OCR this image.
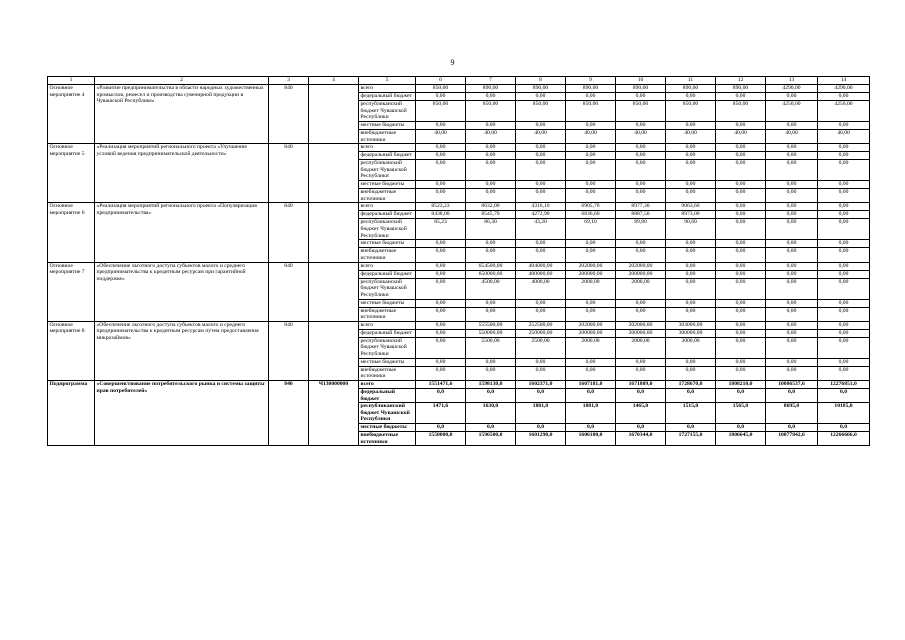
9
1	2	3	4	5	6	7	8	9	10	11	12	13	14
Основное мероприятие 4	«Развитие предпринимательства в области народных художественных промыслов, ремесел и производства сувенирной продукции в Чувашской Республике»	840		всего	850,00	890,00	890,00	890,00	890,00	890,00	890,00	4290,00	4290,00
				федеральный бюджет	0,00	0,00	0,00	0,00	0,00	0,00	0,00	0,00	0,00
				республиканский бюджет Чувашской Республики	850,00	850,00	850,00	850,00	850,00	850,00	850,00	4250,00	4250,00
				местные бюджеты	0,00	0,00	0,00	0,00	0,00	0,00	0,00	0,00	0,00
				внебюджетные источники	40,00	40,00	40,00	40,00	40,00	40,00	40,00	40,00	40,00
Основное мероприятие 5	«Реализация мероприятий регионального проекта «Улучшение условий ведения предпринимательской деятельности»	840		всего	0,00	0,00	0,00	0,00	0,00	0,00	0,00	0,00	0,00
				федеральный бюджет	0,00	0,00	0,00	0,00	0,00	0,00	0,00	0,00	0,00
				республиканский бюджет Чувашской Республики	0,00	0,00	0,00	0,00	0,00	0,00	0,00	0,00	0,00
				местные бюджеты	0,00	0,00	0,00	0,00	0,00	0,00	0,00	0,00	0,00
				внебюджетные источники	0,00	0,00	0,00	0,00	0,00	0,00	0,00	0,00	0,00
Основное мероприятие 6	«Реализация мероприятий регионального проекта «Популяризация предпринимательства»	840		всего	8523,23	8632,00	4316,10	6905,70	8977,30	9063,60	0,00	0,00	0,00
				федеральный бюджет	8438,00	8545,70	4272,90	6836,60	8887,50	8973,00	0,00	0,00	0,00
				республиканский бюджет Чувашской Республики	85,23	86,30	43,20	69,10	89,80	90,60	0,00	0,00	0,00
				местные бюджеты	0,00	0,00	0,00	0,00	0,00	0,00	0,00	0,00	0,00
				внебюджетные источники	0,00	0,00	0,00	0,00	0,00	0,00	0,00	0,00	0,00
Основное мероприятие 7	«Обеспечение льготного доступа субъектов малого и среднего предпринимательства к кредитным ресурсам при гарантийной поддержке»	840		всего	0,00	654500,00	404000,00	202000,00	202000,00	0,00	0,00	0,00	0,00
				федеральный бюджет	0,00	650000,00	400000,00	200000,00	200000,00	0,00	0,00	0,00	0,00
				республиканский бюджет Чувашской Республики	0,00	4500,00	4000,00	2000,00	2000,00	0,00	0,00	0,00	0,00
				местные бюджеты	0,00	0,00	0,00	0,00	0,00	0,00	0,00	0,00	0,00
				внебюджетные источники	0,00	0,00	0,00	0,00	0,00	0,00	0,00	0,00	0,00
Основное мероприятие 8	«Обеспечение льготного доступа субъектов малого и среднего предпринимательства к кредитным ресурсам путем предоставления микрозаймов»	840		всего	0,00	555500,00	252500,00	202000,00	202000,00	303000,00	0,00	0,00	0,00
				федеральный бюджет	0,00	550000,00	250000,00	200000,00	200000,00	300000,00	0,00	0,00	0,00
				республиканский бюджет Чувашской Республики	0,00	5500,00	2500,00	2000,00	2000,00	3000,00	0,00	0,00	0,00
				местные бюджеты	0,00	0,00	0,00	0,00	0,00	0,00	0,00	0,00	0,00
				внебюджетные источники	0,00	0,00	0,00	0,00	0,00	0,00	0,00	0,00	0,00
Подпрограмма	«Совершенствование потребительского рынка и системы защиты прав потребителей»	840	Ч130000000	всего	1551471,6	1598130,0	1602371,0	1607181,0	1671809,0	1728670,0	1808210,0	10086537,6	12276851,0
				федеральный бюджет	0,0	0,0	0,0	0,0	0,0	0,0	0,0	0,0	0,0
				республиканский бюджет Чувашской Республики	1471,6	1630,0	1081,0	1081,0	1465,0	1515,0	1565,0	8695,0	10185,0
				местные бюджеты	0,0	0,0	0,0	0,0	0,0	0,0	0,0	0,0	0,0
				внебюджетные источники	1550000,0	1596500,0	1601290,0	1606100,0	1670344,0	1727155,0	1806645,0	10077842,6	12266666,0
